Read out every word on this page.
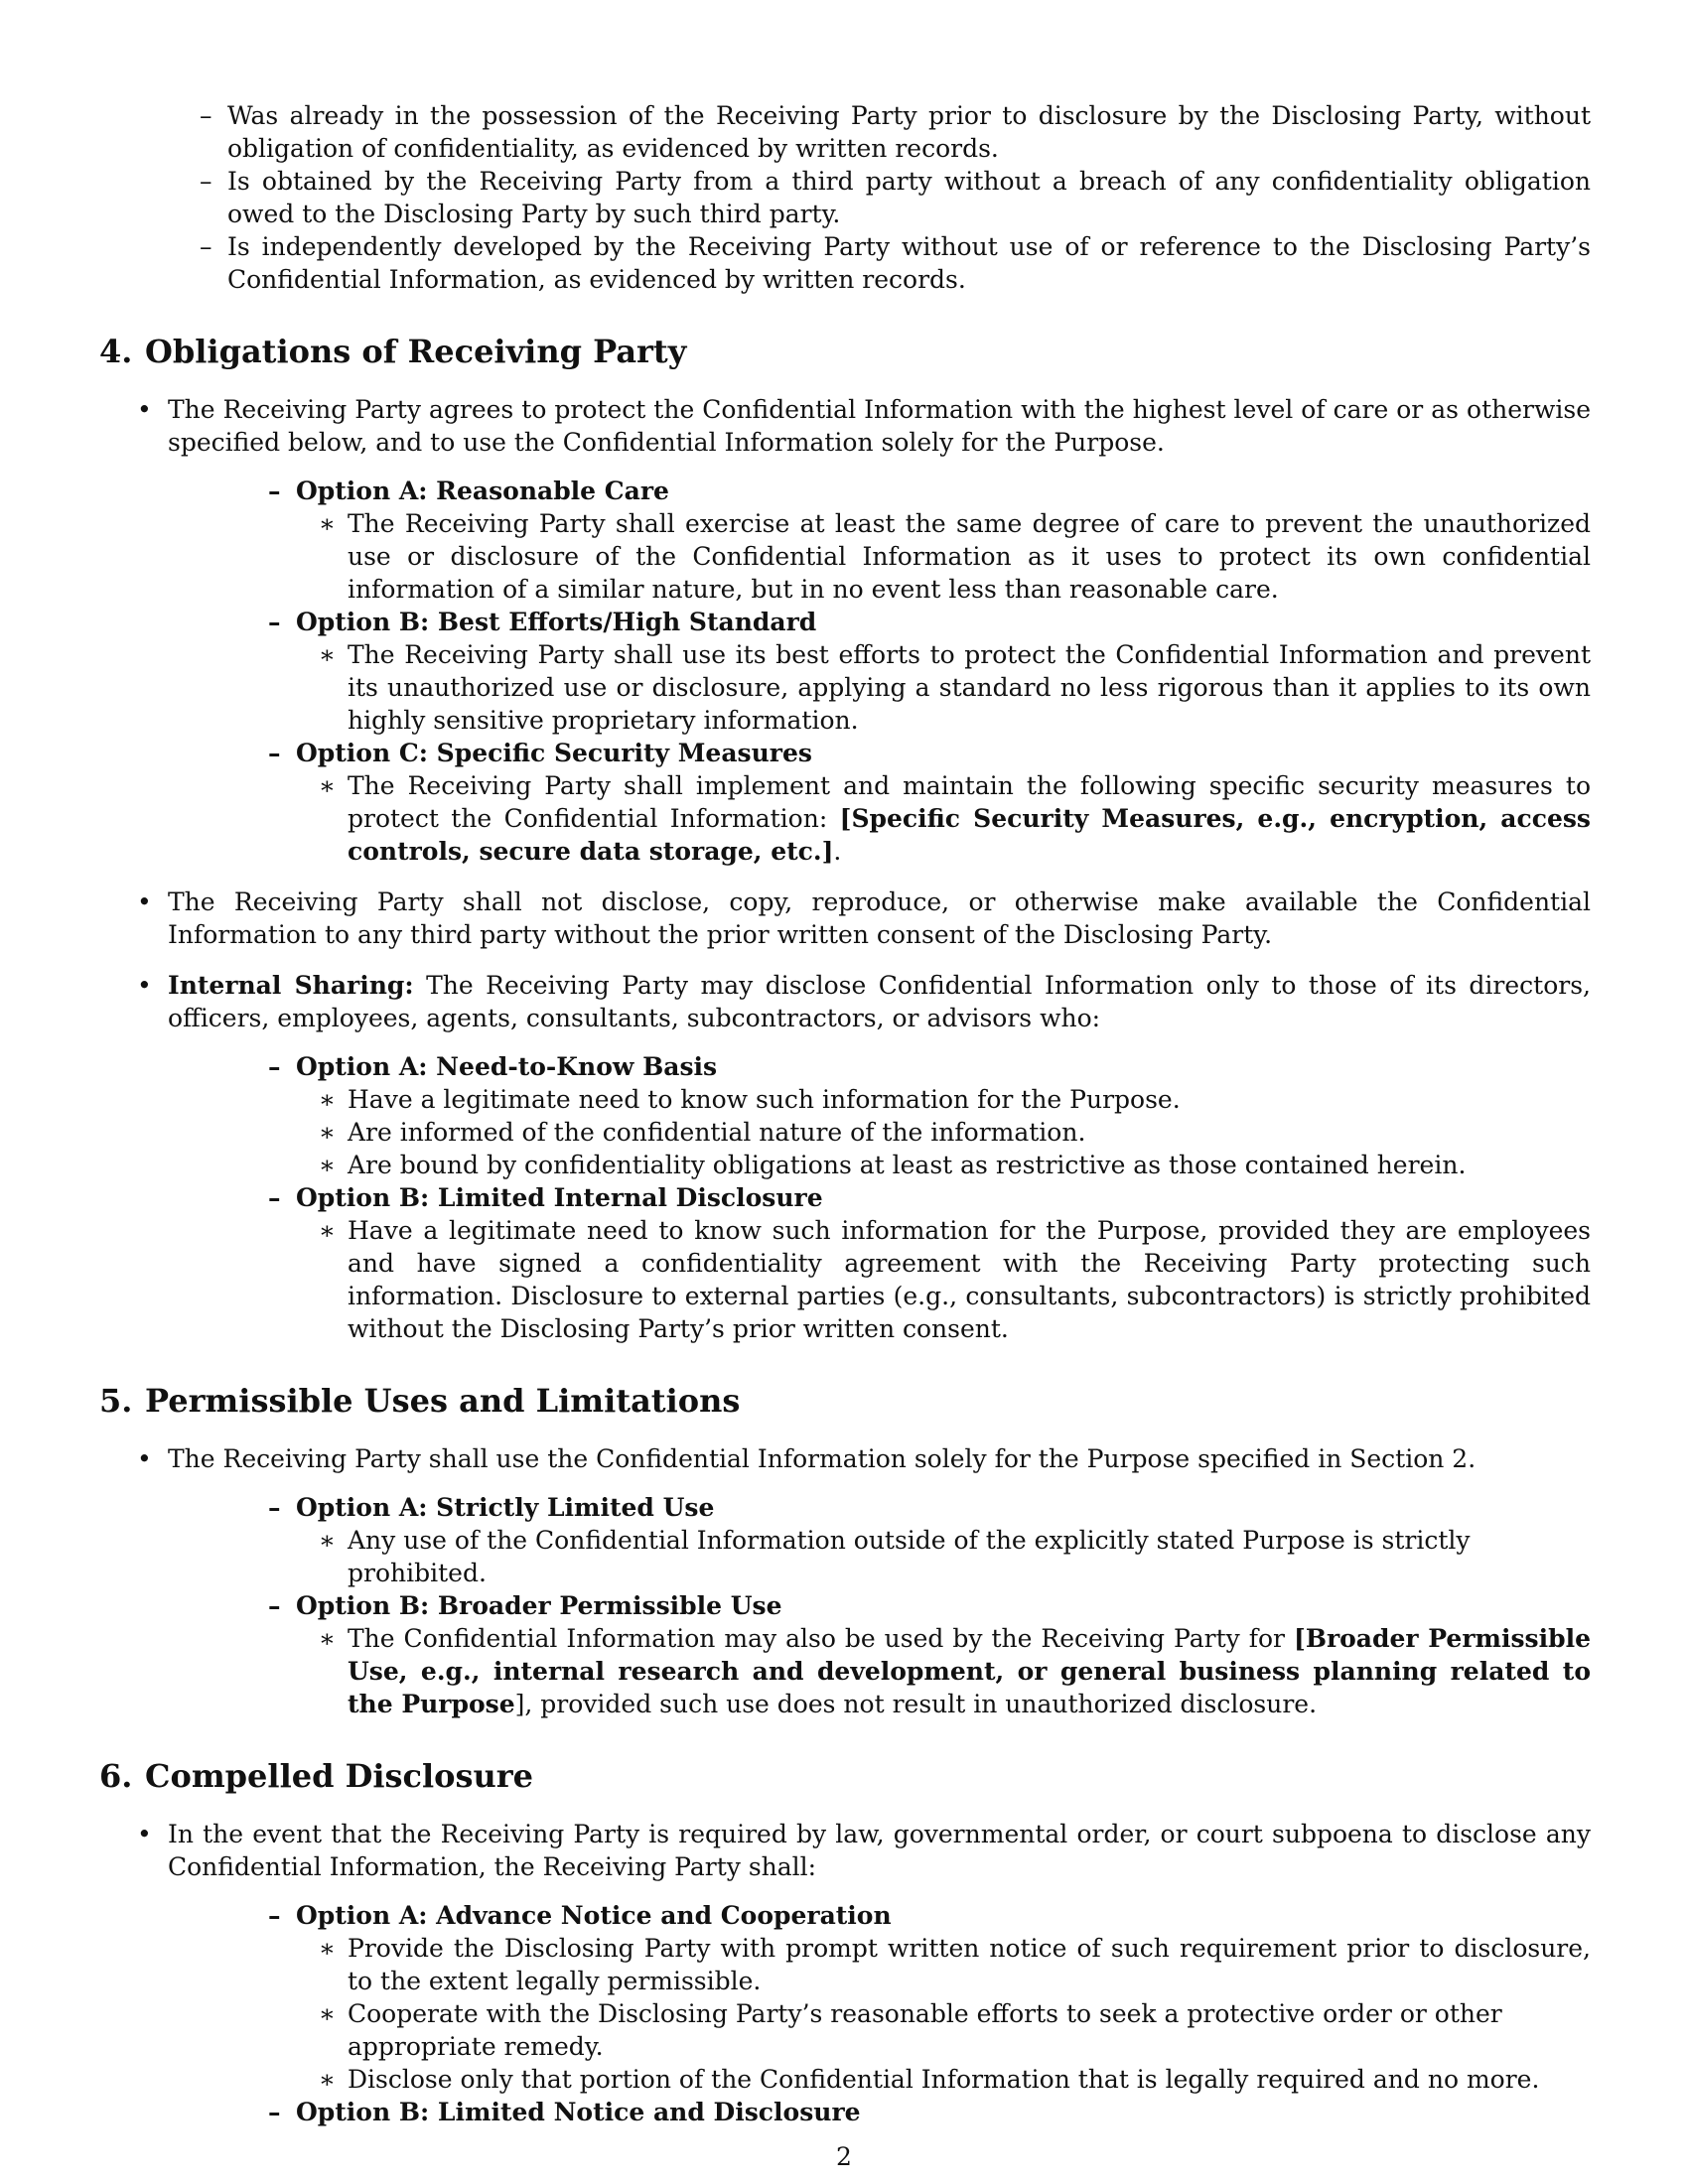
– Was already in the possession of the Receiving Party prior to disclosure by the Disclosing Party, without obligation of confidentiality, as evidenced by written records.
– Is obtained by the Receiving Party from a third party without a breach of any confidentiality obligation owed to the Disclosing Party by such third party.
– Is independently developed by the Receiving Party without use of or reference to the Disclosing Party’s Confidential Information, as evidenced by written records.
4. Obligations of Receiving Party
• The Receiving Party agrees to protect the Confidential Information with the highest level of care or as otherwise specified below, and to use the Confidential Information solely for the Purpose.

– Option A: Reasonable Care
∗ The Receiving Party shall exercise at least the same degree of care to prevent the unauthorized use or disclosure of the Confidential Information as it uses to protect its own confidential information of a similar nature, but in no event less than reasonable care.
– Option B: Best Efforts/High Standard
∗ The Receiving Party shall use its best efforts to protect the Confidential Information and prevent its unauthorized use or disclosure, applying a standard no less rigorous than it applies to its own highly sensitive proprietary information.
– Option C: Specific Security Measures
∗ The Receiving Party shall implement and maintain the following specific security measures to protect the Confidential Information: [Specific Security Measures, e.g., encryption, access controls, secure data storage, etc.].
• The Receiving Party shall not disclose, copy, reproduce, or otherwise make available the Confidential Information to any third party without the prior written consent of the Disclosing Party.
• Internal Sharing: The Receiving Party may disclose Confidential Information only to those of its directors, officers, employees, agents, consultants, subcontractors, or advisors who:

– Option A: Need-to-Know Basis
∗ Have a legitimate need to know such information for the Purpose.
∗ Are informed of the confidential nature of the information.
∗ Are bound by confidentiality obligations at least as restrictive as those contained herein.
– Option B: Limited Internal Disclosure
∗ Have a legitimate need to know such information for the Purpose, provided they are employees and have signed a confidentiality agreement with the Receiving Party protecting such information. Disclosure to external parties (e.g., consultants, subcontractors) is strictly prohibited without the Disclosing Party’s prior written consent.
5. Permissible Uses and Limitations
• The Receiving Party shall use the Confidential Information solely for the Purpose specified in Section 2.

– Option A: Strictly Limited Use
∗ Any use of the Confidential Information outside of the explicitly stated Purpose is strictly prohibited.
– Option B: Broader Permissible Use
∗ The Confidential Information may also be used by the Receiving Party for [Broader Permissible Use, e.g., internal research and development, or general business planning related to the Purpose], provided such use does not result in unauthorized disclosure.
6. Compelled Disclosure
• In the event that the Receiving Party is required by law, governmental order, or court subpoena to disclose any Confidential Information, the Receiving Party shall:

– Option A: Advance Notice and Cooperation
∗ Provide the Disclosing Party with prompt written notice of such requirement prior to disclosure, to the extent legally permissible.
∗ Cooperate with the Disclosing Party’s reasonable efforts to seek a protective order or other appropriate remedy.
∗ Disclose only that portion of the Confidential Information that is legally required and no more.
– Option B: Limited Notice and Disclosure
2
